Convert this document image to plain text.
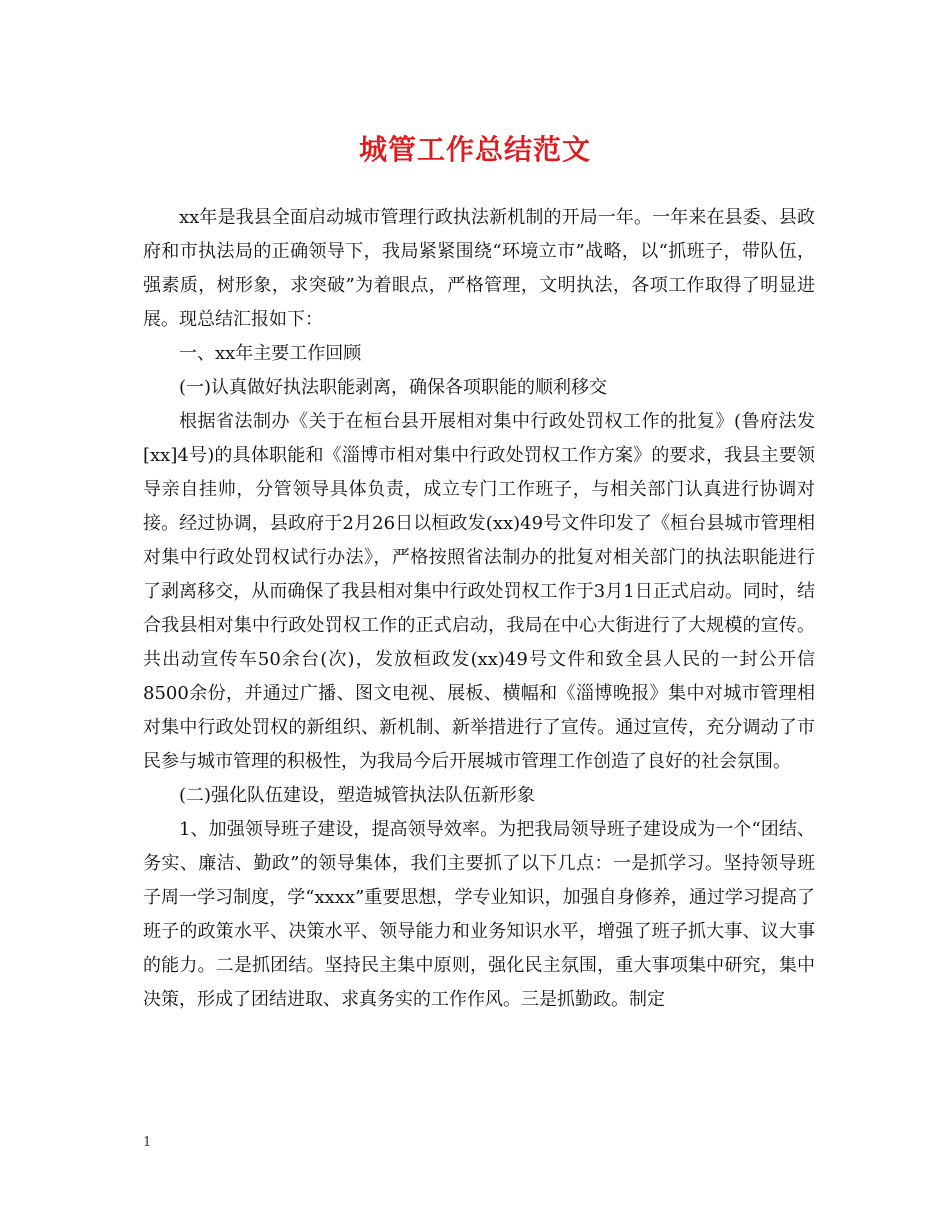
城管工作总结范文

xx年是我县全面启动城市管理行政执法新机制的开局一年。一年来在县委、县政府和市执法局的正确领导下，我局紧紧围绕“环境立市”战略，以“抓班子，带队伍，强素质，树形象，求突破”为着眼点，严格管理，文明执法，各项工作取得了明显进展。现总结汇报如下：

一、xx年主要工作回顾

(一)认真做好执法职能剥离，确保各项职能的顺利移交

根据省法制办《关于在桓台县开展相对集中行政处罚权工作的批复》(鲁府法发[xx]4号)的具体职能和《淄博市相对集中行政处罚权工作方案》的要求，我县主要领导亲自挂帅，分管领导具体负责，成立专门工作班子，与相关部门认真进行协调对接。经过协调，县政府于2月26日以桓政发(xx)49号文件印发了《桓台县城市管理相对集中行政处罚权试行办法》，严格按照省法制办的批复对相关部门的执法职能进行了剥离移交，从而确保了我县相对集中行政处罚权工作于3月1日正式启动。同时，结合我县相对集中行政处罚权工作的正式启动，我局在中心大街进行了大规模的宣传。共出动宣传车50余台(次)，发放桓政发(xx)49号文件和致全县人民的一封公开信8500余份，并通过广播、图文电视、展板、横幅和《淄博晚报》集中对城市管理相对集中行政处罚权的新组织、新机制、新举措进行了宣传。通过宣传，充分调动了市民参与城市管理的积极性，为我局今后开展城市管理工作创造了良好的社会氛围。

(二)强化队伍建设，塑造城管执法队伍新形象

1、加强领导班子建设，提高领导效率。为把我局领导班子建设成为一个“团结、务实、廉洁、勤政”的领导集体，我们主要抓了以下几点：一是抓学习。坚持领导班子周一学习制度，学“xxxx”重要思想，学专业知识，加强自身修养，通过学习提高了班子的政策水平、决策水平、领导能力和业务知识水平，增强了班子抓大事、议大事的能力。二是抓团结。坚持民主集中原则，强化民主氛围，重大事项集中研究，集中决策，形成了团结进取、求真务实的工作作风。三是抓勤政。制定

1
